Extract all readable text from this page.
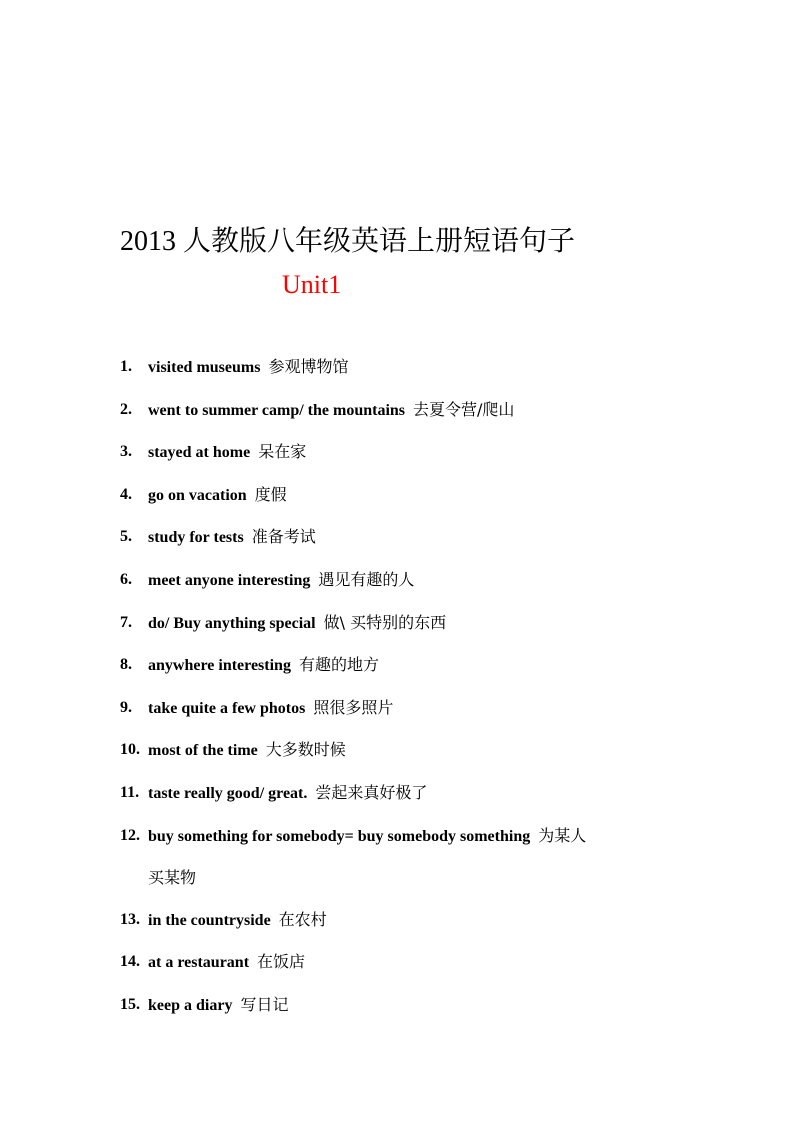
2013 人教版八年级英语上册短语句子
Unit1
1.	visited museums 参观博物馆
2.	went to summer camp/ the mountains 去夏令营/爬山
3.	stayed at home 呆在家
4.	go on vacation 度假
5.	study for tests 准备考试
6.	meet anyone interesting 遇见有趣的人
7.	do/ Buy anything special 做\ 买特别的东西
8.	anywhere interesting 有趣的地方
9.	take quite a few photos 照很多照片
10. most of the time 大多数时候
11. taste really good/ great. 尝起来真好极了
12. buy something for somebody= buy somebody something 为某人
买某物
13. in the countryside 在农村
14. at a restaurant 在饭店
15. keep a diary 写日记
